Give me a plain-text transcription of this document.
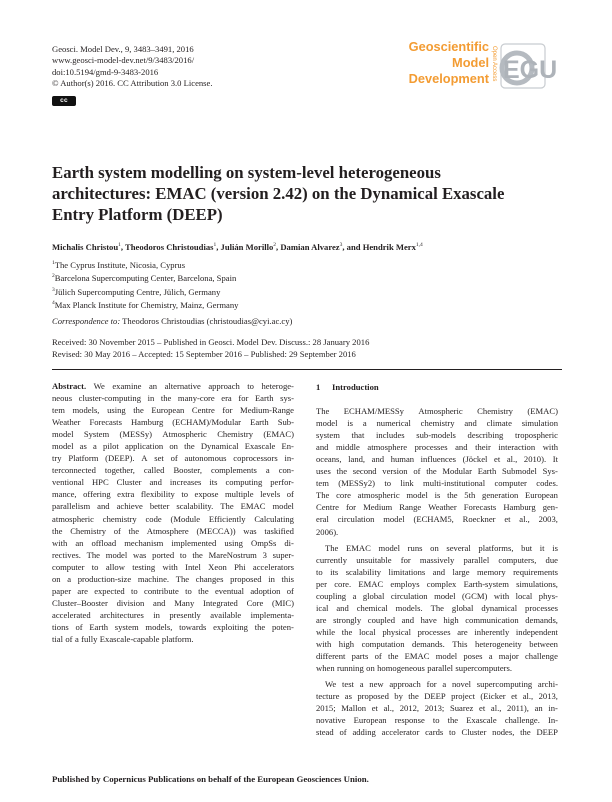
Geosci. Model Dev., 9, 3483–3491, 2016
www.geosci-model-dev.net/9/3483/2016/
doi:10.5194/gmd-9-3483-2016
© Author(s) 2016. CC Attribution 3.0 License.
cc
Geoscientific
Model Development Open Access EGU
Earth system modelling on system-level heterogeneous
architectures: EMAC (version 2.42) on the Dynamical Exascale
Entry Platform (DEEP)
Michalis Christou$^1$, Theodoros Christoudias$^1$, Julián Morillo$^2$, Damian Alvarez$^3$, and Hendrik Merx$^{1,4}$
$^1$The Cyprus Institute, Nicosia, Cyprus
$^2$Barcelona Supercomputing Center, Barcelona, Spain
$^3$Jülich Supercomputing Centre, Jülich, Germany
$^4$Max Planck Institute for Chemistry, Mainz, Germany
Correspondence to: Theodoros Christoudias (christoudias@cyi.ac.cy)
Received: 30 November 2015 – Published in Geosci. Model Dev. Discuss.: 28 January 2016
Revised: 30 May 2016 – Accepted: 15 September 2016 – Published: 29 September 2016
Abstract. We examine an alternative approach to heteroge-
neous cluster-computing in the many-core era for Earth sys-
tem models, using the European Centre for Medium-Range
Weather Forecasts Hamburg (ECHAM)/Modular Earth Sub-
model System (MESSy) Atmospheric Chemistry (EMAC)
model as a pilot application on the Dynamical Exascale En-
try Platform (DEEP). A set of autonomous coprocessors in-
terconnected together, called Booster, complements a con-
ventional HPC Cluster and increases its computing perfor-
mance, offering extra flexibility to expose multiple levels of
parallelism and achieve better scalability. The EMAC model
atmospheric chemistry code (Module Efficiently Calculating
the Chemistry of the Atmosphere (MECCA)) was taskified
with an offload mechanism implemented using OmpSs di-
rectives. The model was ported to the MareNostrum 3 super-
computer to allow testing with Intel Xeon Phi accelerators
on a production-size machine. The changes proposed in this
paper are expected to contribute to the eventual adoption of
Cluster–Booster division and Many Integrated Core (MIC)
accelerated architectures in presently available implementa-
tions of Earth system models, towards exploiting the poten-
tial of a fully Exascale-capable platform.
1 Introduction
The ECHAM/MESSy Atmospheric Chemistry (EMAC)
model is a numerical chemistry and climate simulation
system that includes sub-models describing tropospheric
and middle atmosphere processes and their interaction with
oceans, land, and human influences (Jöckel et al., 2010). It
uses the second version of the Modular Earth Submodel Sys-
tem (MESSy2) to link multi-institutional computer codes.
The core atmospheric model is the 5th generation European
Centre for Medium Range Weather Forecasts Hamburg gen-
eral circulation model (ECHAM5, Roeckner et al., 2003,
2006).
The EMAC model runs on several platforms, but it is
currently unsuitable for massively parallel computers, due
to its scalability limitations and large memory requirements
per core. EMAC employs complex Earth-system simulations,
coupling a global circulation model (GCM) with local phys-
ical and chemical models. The global dynamical processes
are strongly coupled and have high communication demands,
while the local physical processes are inherently independent
with high computation demands. This heterogeneity between
different parts of the EMAC model poses a major challenge
when running on homogeneous parallel supercomputers.
We test a new approach for a novel supercomputing archi-
tecture as proposed by the DEEP project (Eicker et al., 2013,
2015; Mallon et al., 2012, 2013; Suarez et al., 2011), an in-
novative European response to the Exascale challenge. In-
stead of adding accelerator cards to Cluster nodes, the DEEP
Published by Copernicus Publications on behalf of the European Geosciences Union.
